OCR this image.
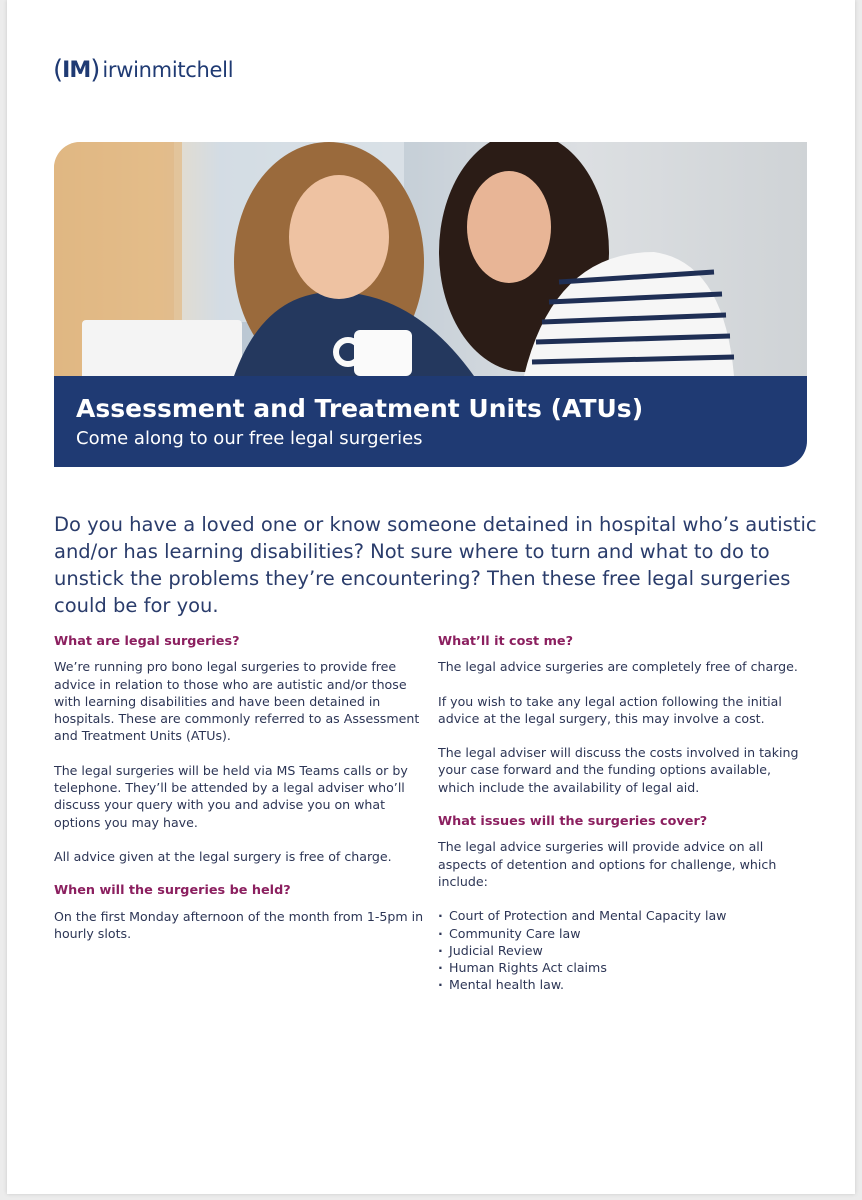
( IM ) irwinmitchell
Assessment and Treatment Units (ATUs)
Come along to our free legal surgeries

Do you have a loved one or know someone detained in hospital who’s autistic and/or has learning disabilities? Not sure where to turn and what to do to unstick the problems they’re encountering? Then these free legal surgeries could be for you.

What are legal surgeries?

We’re running pro bono legal surgeries to provide free advice in relation to those who are autistic and/or those with learning disabilities and have been detained in hospitals. These are commonly referred to as Assessment and Treatment Units (ATUs).

The legal surgeries will be held via MS Teams calls or by telephone. They’ll be attended by a legal adviser who’ll discuss your query with you and advise you on what options you may have.

All advice given at the legal surgery is free of charge.

When will the surgeries be held?

On the first Monday afternoon of the month from 1-5pm in hourly slots.

What’ll it cost me?

The legal advice surgeries are completely free of charge.

If you wish to take any legal action following the initial advice at the legal surgery, this may involve a cost.

The legal adviser will discuss the costs involved in taking your case forward and the funding options available, which include the availability of legal aid.

What issues will the surgeries cover?

The legal advice surgeries will provide advice on all aspects of detention and options for challenge, which include:

· Court of Protection and Mental Capacity law
· Community Care law
· Judicial Review
· Human Rights Act claims
· Mental health law.
